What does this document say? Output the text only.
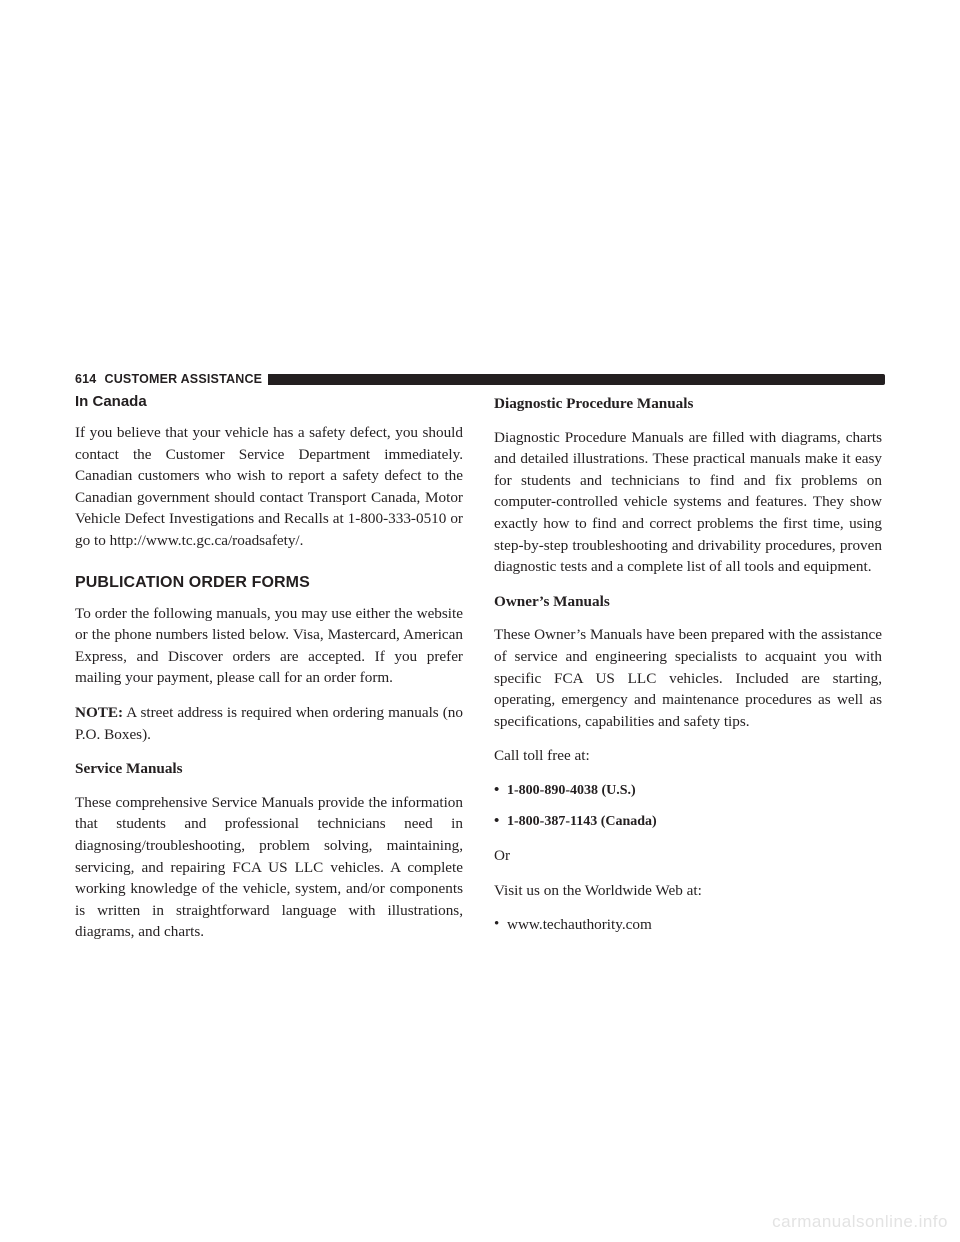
614 CUSTOMER ASSISTANCE
In Canada

If you believe that your vehicle has a safety defect, you should contact the Customer Service Department immediately. Canadian customers who wish to report a safety defect to the Canadian government should contact Transport Canada, Motor Vehicle Defect Investigations and Recalls at 1-800-333-0510 or go to http://www.tc.gc.ca/roadsafety/.

PUBLICATION ORDER FORMS

To order the following manuals, you may use either the website or the phone numbers listed below. Visa, Mastercard, American Express, and Discover orders are accepted. If you prefer mailing your payment, please call for an order form.

NOTE: A street address is required when ordering manuals (no P.O. Boxes).

Service Manuals

These comprehensive Service Manuals provide the information that students and professional technicians need in diagnosing/troubleshooting, problem solving, maintaining, servicing, and repairing FCA US LLC vehicles. A complete working knowledge of the vehicle, system, and/or components is written in straightforward language with illustrations, diagrams, and charts.

Diagnostic Procedure Manuals

Diagnostic Procedure Manuals are filled with diagrams, charts and detailed illustrations. These practical manuals make it easy for students and technicians to find and fix problems on computer-controlled vehicle systems and features. They show exactly how to find and correct problems the first time, using step-by-step troubleshooting and drivability procedures, proven diagnostic tests and a complete list of all tools and equipment.

Owner’s Manuals

These Owner’s Manuals have been prepared with the assistance of service and engineering specialists to acquaint you with specific FCA US LLC vehicles. Included are starting, operating, emergency and maintenance procedures as well as specifications, capabilities and safety tips.

Call toll free at:

• 1-800-890-4038 (U.S.)
• 1-800-387-1143 (Canada)

Or

Visit us on the Worldwide Web at:

• www.techauthority.com
carmanualsonline.info
